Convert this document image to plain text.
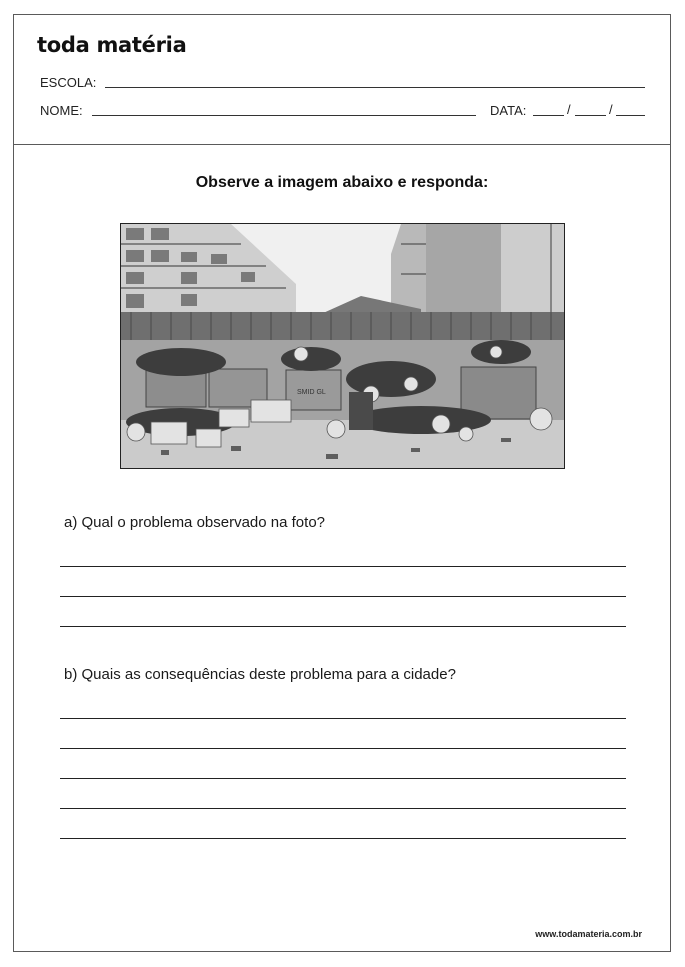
toda matéria
ESCOLA:
NOME:	DATA:	/	/
Observe a imagem abaixo e responda:
SMID GL
a) Qual o problema observado na foto?
b) Quais as consequências deste problema para a cidade?
www.todamateria.com.br
